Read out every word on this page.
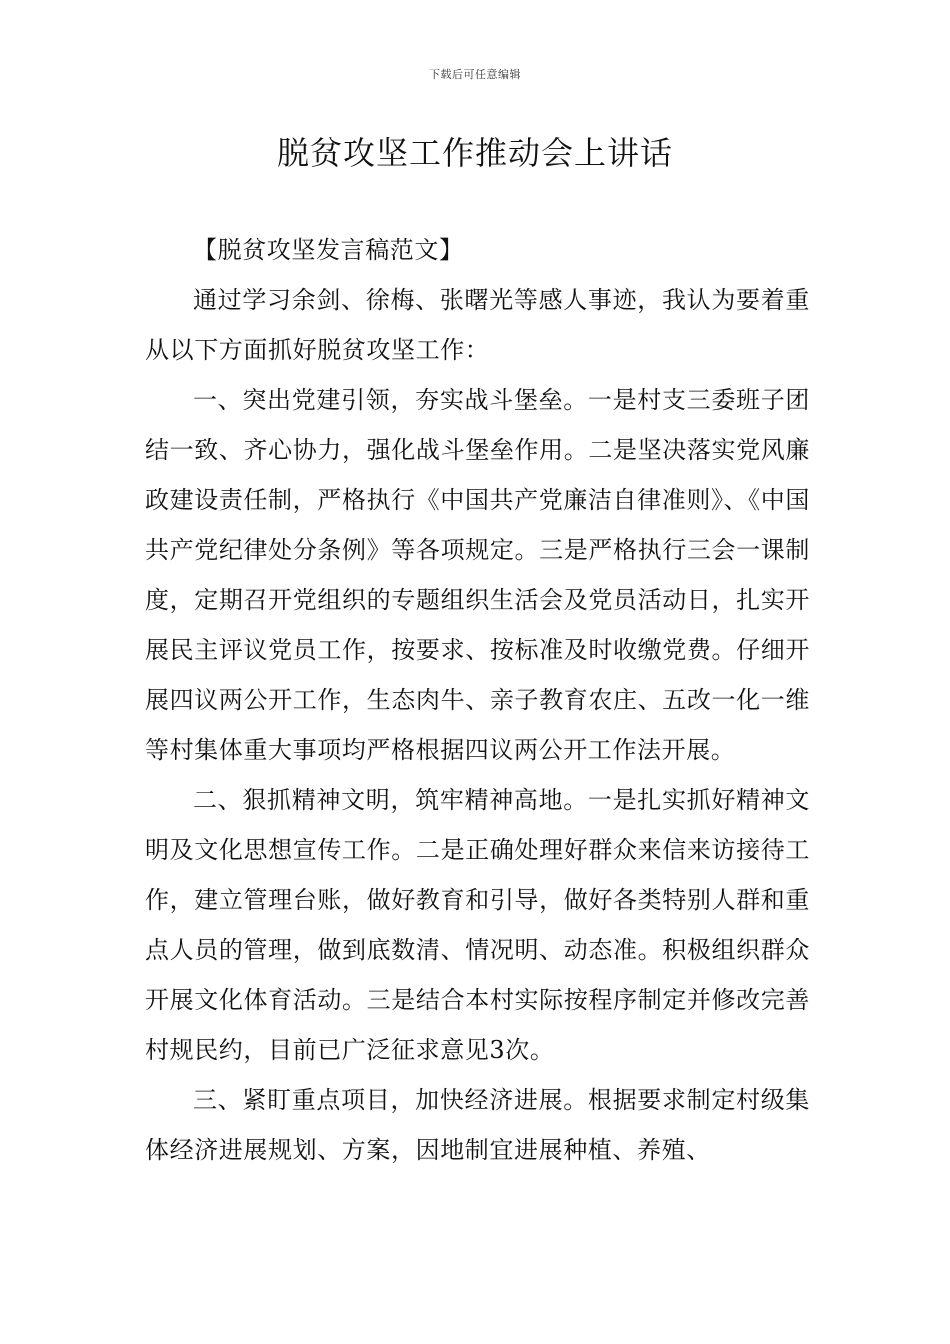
下载后可任意编辑
脱贫攻坚工作推动会上讲话

【脱贫攻坚发言稿范文】

通过学习余剑、徐梅、张曙光等感人事迹，我认为要着重从以下方面抓好脱贫攻坚工作：

一、突出党建引领，夯实战斗堡垒。一是村支三委班子团结一致、齐心协力，强化战斗堡垒作用。二是坚决落实党风廉政建设责任制，严格执行《中国共产党廉洁自律准则》、《中国共产党纪律处分条例》等各项规定。三是严格执行三会一课制度，定期召开党组织的专题组织生活会及党员活动日，扎实开展民主评议党员工作，按要求、按标准及时收缴党费。仔细开展四议两公开工作，生态肉牛、亲子教育农庄、五改一化一维等村集体重大事项均严格根据四议两公开工作法开展。

二、狠抓精神文明，筑牢精神高地。一是扎实抓好精神文明及文化思想宣传工作。二是正确处理好群众来信来访接待工作，建立管理台账，做好教育和引导，做好各类特别人群和重点人员的管理，做到底数清、情况明、动态准。积极组织群众开展文化体育活动。三是结合本村实际按程序制定并修改完善村规民约，目前已广泛征求意见3次。

三、紧盯重点项目，加快经济进展。根据要求制定村级集体经济进展规划、方案，因地制宜进展种植、养殖、
